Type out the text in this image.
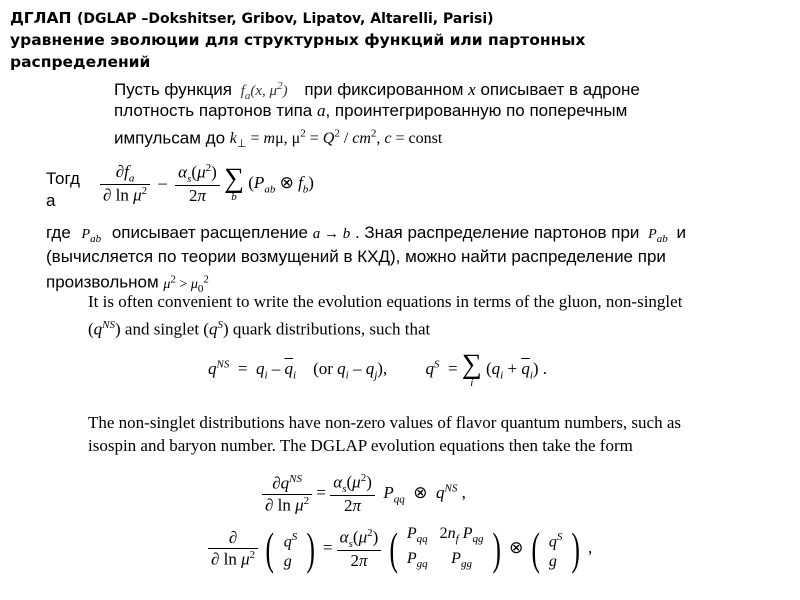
ДГЛАП (DGLAP –Dokshitser, Gribov, Lipatov, Altarelli, Parisi)
уравнение эволюции для структурных функций или партонных
распределений
Пусть функция $f_a(x$, $\mu^2$) при фиксированном x описывает в адроне
плотность партонов типа a, проинтегрированную по поперечным
импульсам до $k_\perp = m\mu$, $\mu^2 = Q^2 / cm^2$, c = const
Тогд
а	$\frac{\partial f_a}{\partial \ln \mu^2} - \frac{\alpha_s(\mu^2)}{2\pi}$ ∑
b
($P_{ab}$ ⊗ $f_b$)
где $P_{ab}$ описывает расщепление a → b . Зная распределение партонов при $P_{ab}$ и
(вычисляется по теории возмущений в КХД), можно найти распределение при
произвольном $\mu^2 > \mu_0^2$
It is often convenient to write the evolution equations in terms of the gluon, non-singlet
$(q^{NS})$ and singlet $(q^S)$ quark distributions, such that
$q^{NS} = q_i - \overline{q}_i$    (or $q_i - q_j$),         $q^S$  = ∑
i
$(q_i + \overline{q}_i)$ .
The non-singlet distributions have non-zero values of flavor quantum numbers, such as
isospin and baryon number. The DGLAP evolution equations then take the form
$\frac{\partial q^{NS}}{\partial \ln \mu^2} = \frac{\alpha_s(\mu^2)}{2\pi} P_{qq}$  ⊗  $q^{NS}$ ,
$\frac{\partial}{\partial \ln \mu^2}$ ( $q^S$
g ) = $\frac{\alpha_s(\mu^2)}{2\pi}$ ( $P_{qq}$	$2n_f$ $P_{qg}$
$P_{gq}$	$P_{gg}$ ) ⊗ ( $q^S$
g ) ,
